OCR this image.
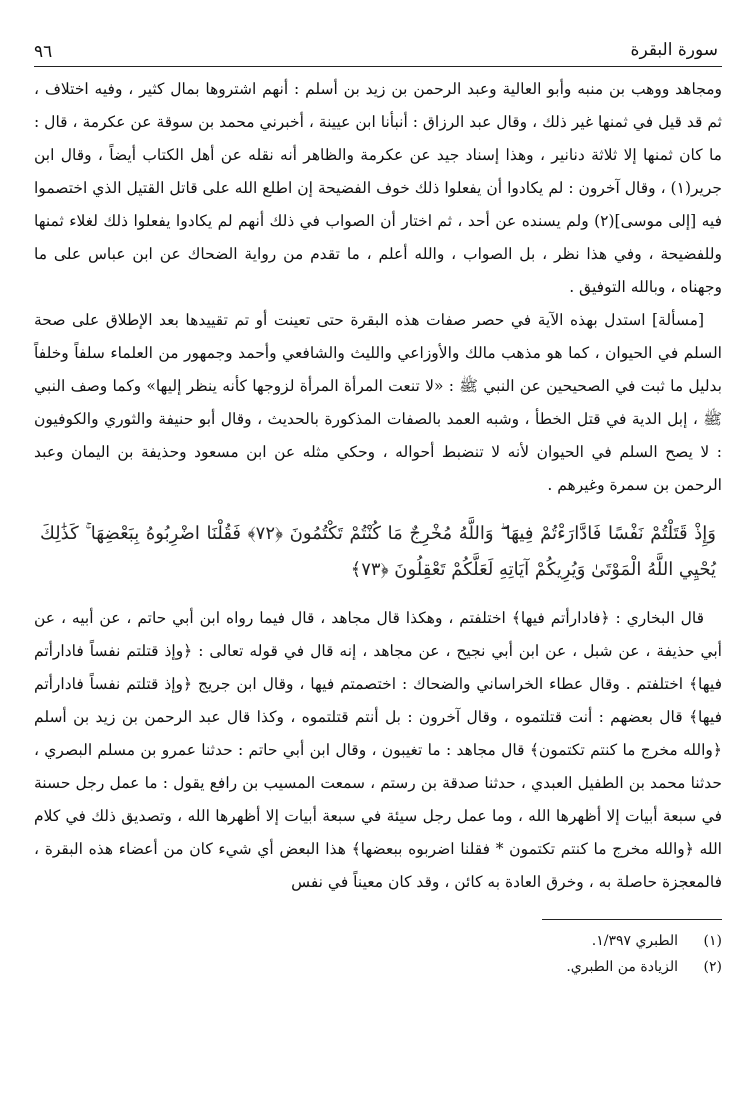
سورة البقرة
٩٦

ومجاهد ووهب بن منبه وأبو العالية وعبد الرحمن بن زيد بن أسلم : أنهم اشتروها بمال كثير ، وفيه اختلاف ، ثم قد قيل في ثمنها غير ذلك ، وقال عبد الرزاق : أنبأنا ابن عيينة ، أخبرني محمد بن سوقة عن عكرمة ، قال : ما كان ثمنها إلا ثلاثة دنانير ، وهذا إسناد جيد عن عكرمة والظاهر أنه نقله عن أهل الكتاب أيضاً ، وقال ابن جرير(١) ، وقال آخرون : لم يكادوا أن يفعلوا ذلك خوف الفضيحة إن اطلع الله على قاتل القتيل الذي اختصموا فيه [إلى موسى](٢) ولم يسنده عن أحد ، ثم اختار أن الصواب في ذلك أنهم لم يكادوا يفعلوا ذلك لغلاء ثمنها وللفضيحة ، وفي هذا نظر ، بل الصواب ، والله أعلم ، ما تقدم من رواية الضحاك عن ابن عباس على ما وجهناه ، وبالله التوفيق .

[مسألة] استدل بهذه الآية في حصر صفات هذه البقرة حتى تعينت أو تم تقييدها بعد الإطلاق على صحة السلم في الحيوان ، كما هو مذهب مالك والأوزاعي والليث والشافعي وأحمد وجمهور من العلماء سلفاً وخلفاً بدليل ما ثبت في الصحيحين عن النبي ﷺ : «لا تنعت المرأة المرأة لزوجها كأنه ينظر إليها» وكما وصف النبي ﷺ ، إبل الدية في قتل الخطأ ، وشبه العمد بالصفات المذكورة بالحديث ، وقال أبو حنيفة والثوري والكوفيون : لا يصح السلم في الحيوان لأنه لا تنضبط أحواله ، وحكي مثله عن ابن مسعود وحذيفة بن اليمان وعبد الرحمن بن سمرة وغيرهم .

وَإِذْ قَتَلْتُمْ نَفْسًا فَادَّارَءْتُمْ فِيهَا ۖ وَاللَّهُ مُخْرِجٌ مَا كُنْتُمْ تَكْتُمُونَ ﴿٧٢﴾ فَقُلْنَا اضْرِبُوهُ بِبَعْضِهَا ۚ كَذَٰلِكَ يُحْيِي اللَّهُ الْمَوْتَىٰ وَيُرِيكُمْ آيَاتِهِ لَعَلَّكُمْ تَعْقِلُونَ ﴿٧٣﴾

قال البخاري : ﴿فادارأتم فيها﴾ اختلفتم ، وهكذا قال مجاهد ، قال فيما رواه ابن أبي حاتم ، عن أبيه ، عن أبي حذيفة ، عن شبل ، عن ابن أبي نجيح ، عن مجاهد ، إنه قال في قوله تعالى : ﴿وإذ قتلتم نفساً فادارأتم فيها﴾ اختلفتم . وقال عطاء الخراساني والضحاك : اختصمتم فيها ، وقال ابن جريج ﴿وإذ قتلتم نفساً فادارأتم فيها﴾ قال بعضهم : أنت قتلتموه ، وقال آخرون : بل أنتم قتلتموه ، وكذا قال عبد الرحمن بن زيد بن أسلم ﴿والله مخرج ما كنتم تكتمون﴾ قال مجاهد : ما تغيبون ، وقال ابن أبي حاتم : حدثنا عمرو بن مسلم البصري ، حدثنا محمد بن الطفيل العبدي ، حدثنا صدقة بن رستم ، سمعت المسيب بن رافع يقول : ما عمل رجل حسنة في سبعة أبيات إلا أظهرها الله ، وما عمل رجل سيئة في سبعة أبيات إلا أظهرها الله ، وتصديق ذلك في كلام الله ﴿والله مخرج ما كنتم تكتمون * فقلنا اضربوه ببعضها﴾ هذا البعض أي شيء كان من أعضاء هذه البقرة ، فالمعجزة حاصلة به ، وخرق العادة به كائن ، وقد كان معيناً في نفس

(١)
الطبري ١/٣٩٧.
(٢)
الزيادة من الطبري.
